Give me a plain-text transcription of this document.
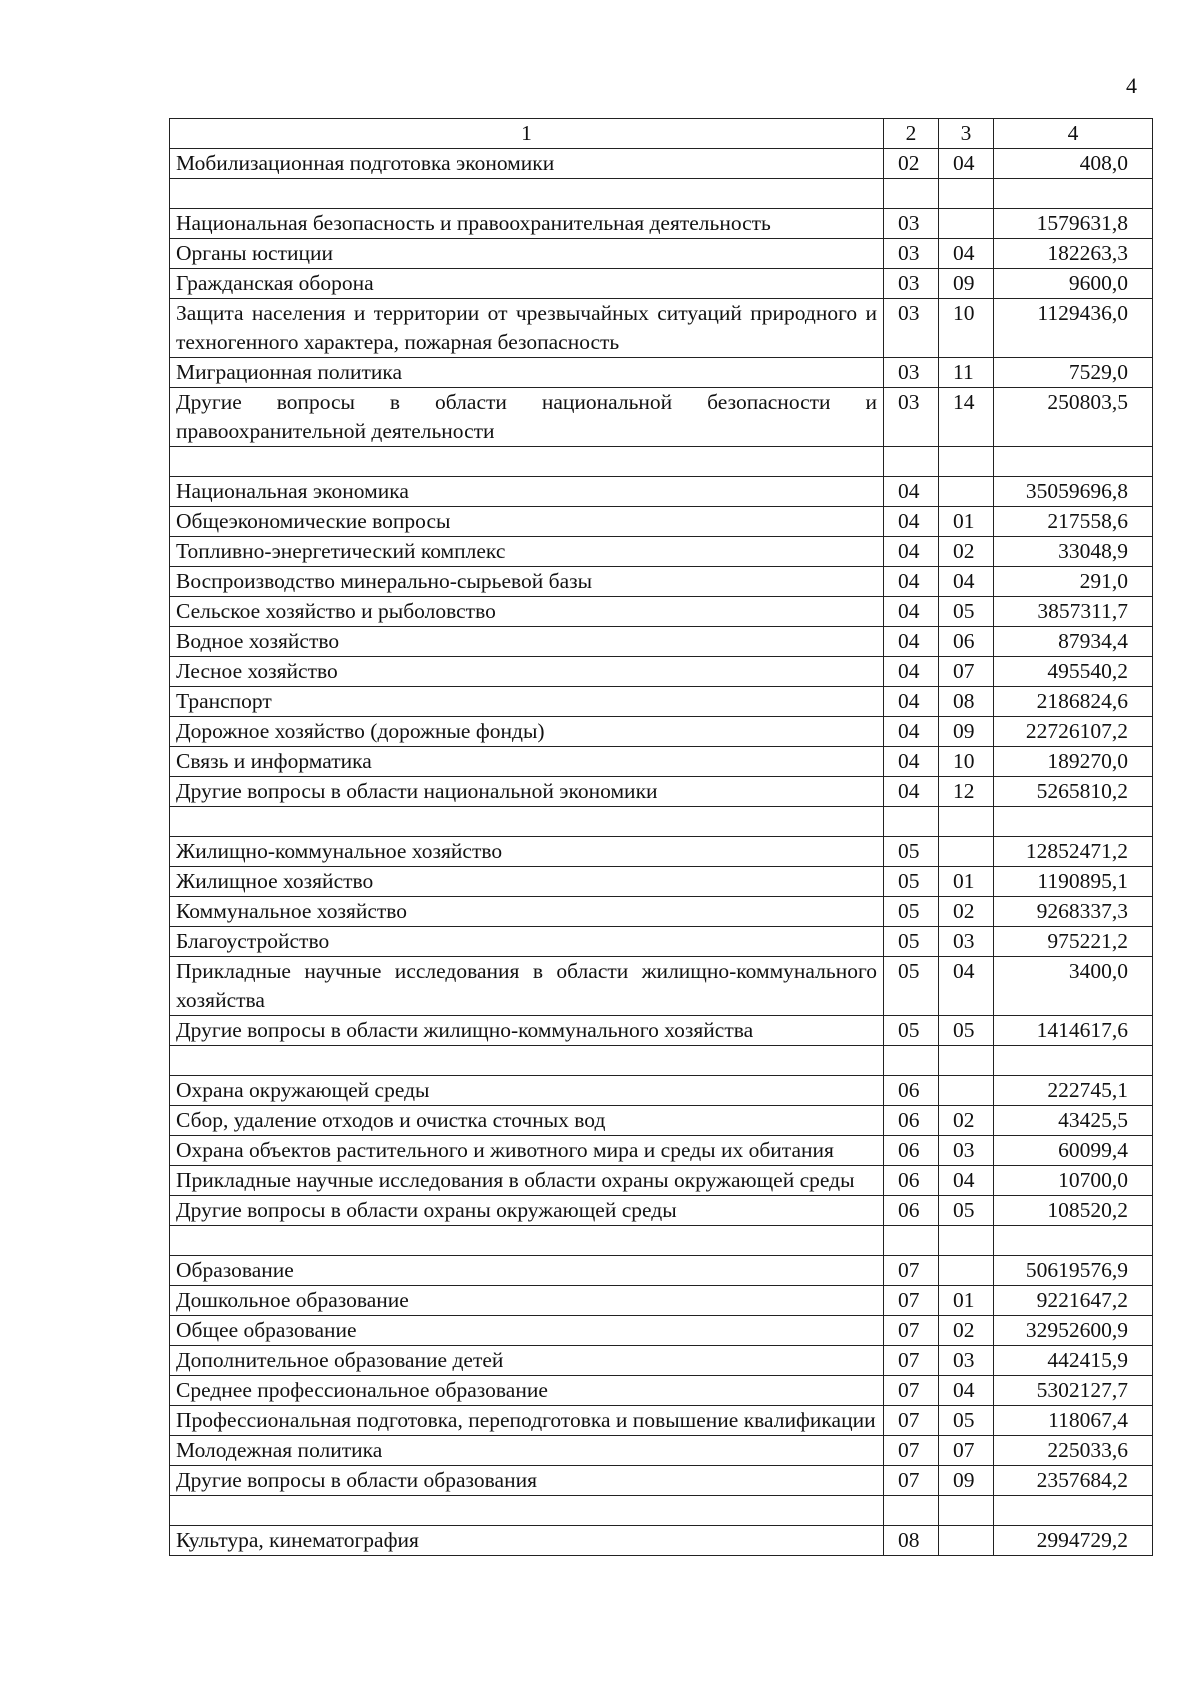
4
1	2	3	4
Мобилизационная подготовка экономики	02	04	408,0

Национальная безопасность и правоохранительная деятельность	03		1579631,8
Органы юстиции	03	04	182263,3
Гражданская оборона	03	09	9600,0
Защита населения и территории от чрезвычайных ситуаций природного и техногенного характера, пожарная безопасность	03	10	1129436,0
Миграционная политика	03	11	7529,0
Другие вопросы в области национальной безопасности и правоохранительной деятельности	03	14	250803,5

Национальная экономика	04		35059696,8
Общеэкономические вопросы	04	01	217558,6
Топливно-энергетический комплекс	04	02	33048,9
Воспроизводство минерально-сырьевой базы	04	04	291,0
Сельское хозяйство и рыболовство	04	05	3857311,7
Водное хозяйство	04	06	87934,4
Лесное хозяйство	04	07	495540,2
Транспорт	04	08	2186824,6
Дорожное хозяйство (дорожные фонды)	04	09	22726107,2
Связь и информатика	04	10	189270,0
Другие вопросы в области национальной экономики	04	12	5265810,2

Жилищно-коммунальное хозяйство	05		12852471,2
Жилищное хозяйство	05	01	1190895,1
Коммунальное хозяйство	05	02	9268337,3
Благоустройство	05	03	975221,2
Прикладные научные исследования в области жилищно-коммунального хозяйства	05	04	3400,0
Другие вопросы в области жилищно-коммунального хозяйства	05	05	1414617,6

Охрана окружающей среды	06		222745,1
Сбор, удаление отходов и очистка сточных вод	06	02	43425,5
Охрана объектов растительного и животного мира и среды их обитания	06	03	60099,4
Прикладные научные исследования в области охраны окружающей среды	06	04	10700,0
Другие вопросы в области охраны окружающей среды	06	05	108520,2

Образование	07		50619576,9
Дошкольное образование	07	01	9221647,2
Общее образование	07	02	32952600,9
Дополнительное образование детей	07	03	442415,9
Среднее профессиональное образование	07	04	5302127,7
Профессиональная подготовка, переподготовка и повышение квалификации	07	05	118067,4
Молодежная политика	07	07	225033,6
Другие вопросы в области образования	07	09	2357684,2

Культура, кинематография	08		2994729,2
